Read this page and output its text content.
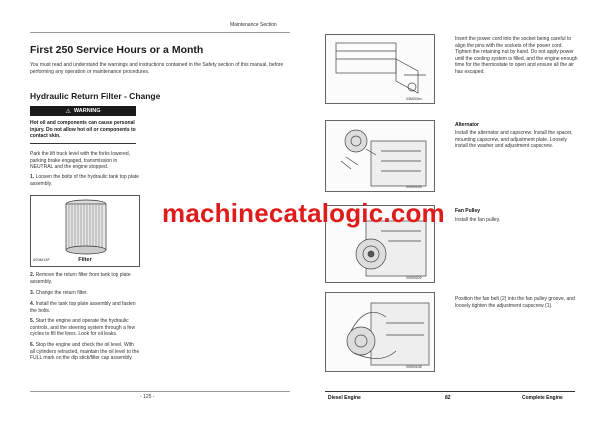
Maintenance Section
First 250 Service Hours or a Month
You must read and understand the warnings and instructions contained in the Safety section of this manual, before performing any operation or maintenance procedures.
Hydraulic Return Filter - Change
⚠ WARNING
Hot oil and components can cause personal injury. Do not allow hot oil or components to contact skin.
Park the lift truck level with the forks lowered, parking brake engaged, transmission in NEUTRAL and the engine stopped.
1. Loosen the bolts of the hydraulic tank top plate assembly.
093M13F	Filter
2. Remove the return filter from tank top plate assembly.
3. Change the return filter.
4. Install the tank top plate assembly and fasten the bolts.
5. Start the engine and operate the hydraulic controls, and the steering system through a few cycles to fill the lines. Look for oil leaks.
6. Stop the engine and check the oil level. With all cylinders retracted, maintain the oil level to the FULL mark on the dip stick/filler cap assembly.
- 125 -
03M003m
Insert the power cord into the socket being careful to align the pins with the sockets of the power cord. Tighten the retaining nut by hand. Do not apply power until the cooling system is filled, and the engine enough time for the thermostate to open and ensure all the air has escaped.
00900193
Alternator
Install the alternator and capscrew. Install the spacer, mounting capscrew, and adjustment plate. Loosely install the washer and adjustment capscrew.
00900209
Fan Pulley
Install the fan pulley.
00900108
Position the fan belt (2) into the fan pulley groove, and loosely tighten the adjustment capscrew (1).
Diesel Engine	82	Complete Engine
machinecatalogic.com
